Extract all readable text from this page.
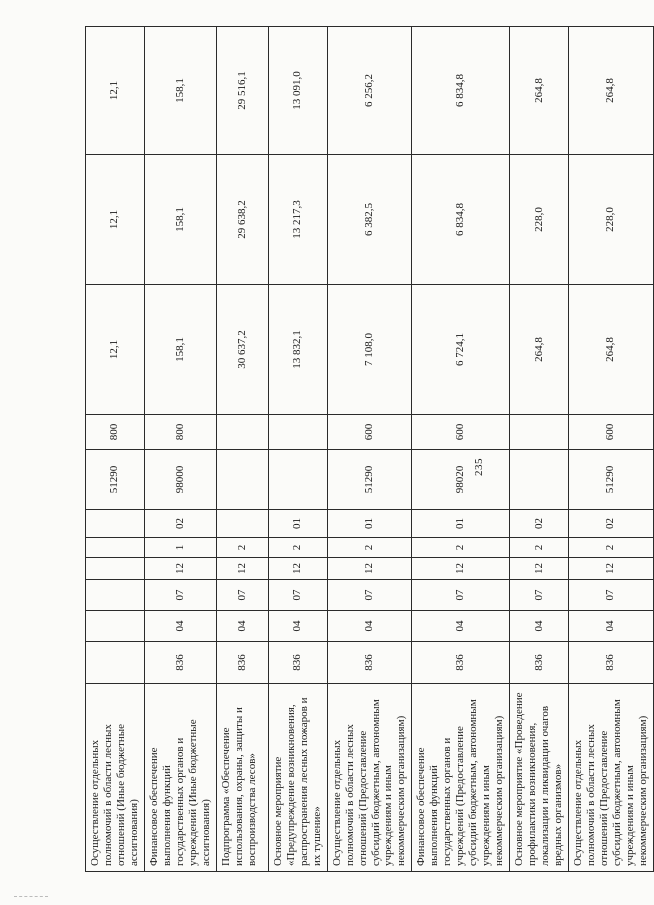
235
Осуществление отдельных полномочий в области лесных отношений (Иные бюджетные ассигнования)							51290	800	12,1	12,1	12,1
Финансовое обеспечение выполнения функций государственных органов и учреждений (Иные бюджетные ассигнования)	836	04	07	12	1	02	98000	800	158,1	158,1	158,1
Подпрограмма «Обеспечение использования, охраны, защиты и воспроизводства лесов»	836	04	07	12	2				30 637,2	29 638,2	29 516,1
Основное мероприятие «Предупреждение возникновения, распространения лесных пожаров и их тушение»	836	04	07	12	2	01			13 832,1	13 217,3	13 091,0
Осуществление отдельных полномочий в области лесных отношений (Предоставление субсидий бюджетным, автономным учреждениям и иным некоммерческим организациям)	836	04	07	12	2	01	51290	600	7 108,0	6 382,5	6 256,2
Финансовое обеспечение выполнения функций государственных органов и учреждений (Предоставление субсидий бюджетным, автономным учреждениям и иным некоммерческим организациям)	836	04	07	12	2	01	98020	600	6 724,1	6 834,8	6 834,8
Основное мероприятие «Проведение профилактики возникновения, локализации и ликвидации очагов вредных организмов»	836	04	07	12	2	02			264,8	228,0	264,8
Осуществление отдельных полномочий в области лесных отношений (Предоставление субсидий бюджетным, автономным учреждениям и иным некоммерческим организациям)	836	04	07	12	2	02	51290	600	264,8	228,0	264,8
